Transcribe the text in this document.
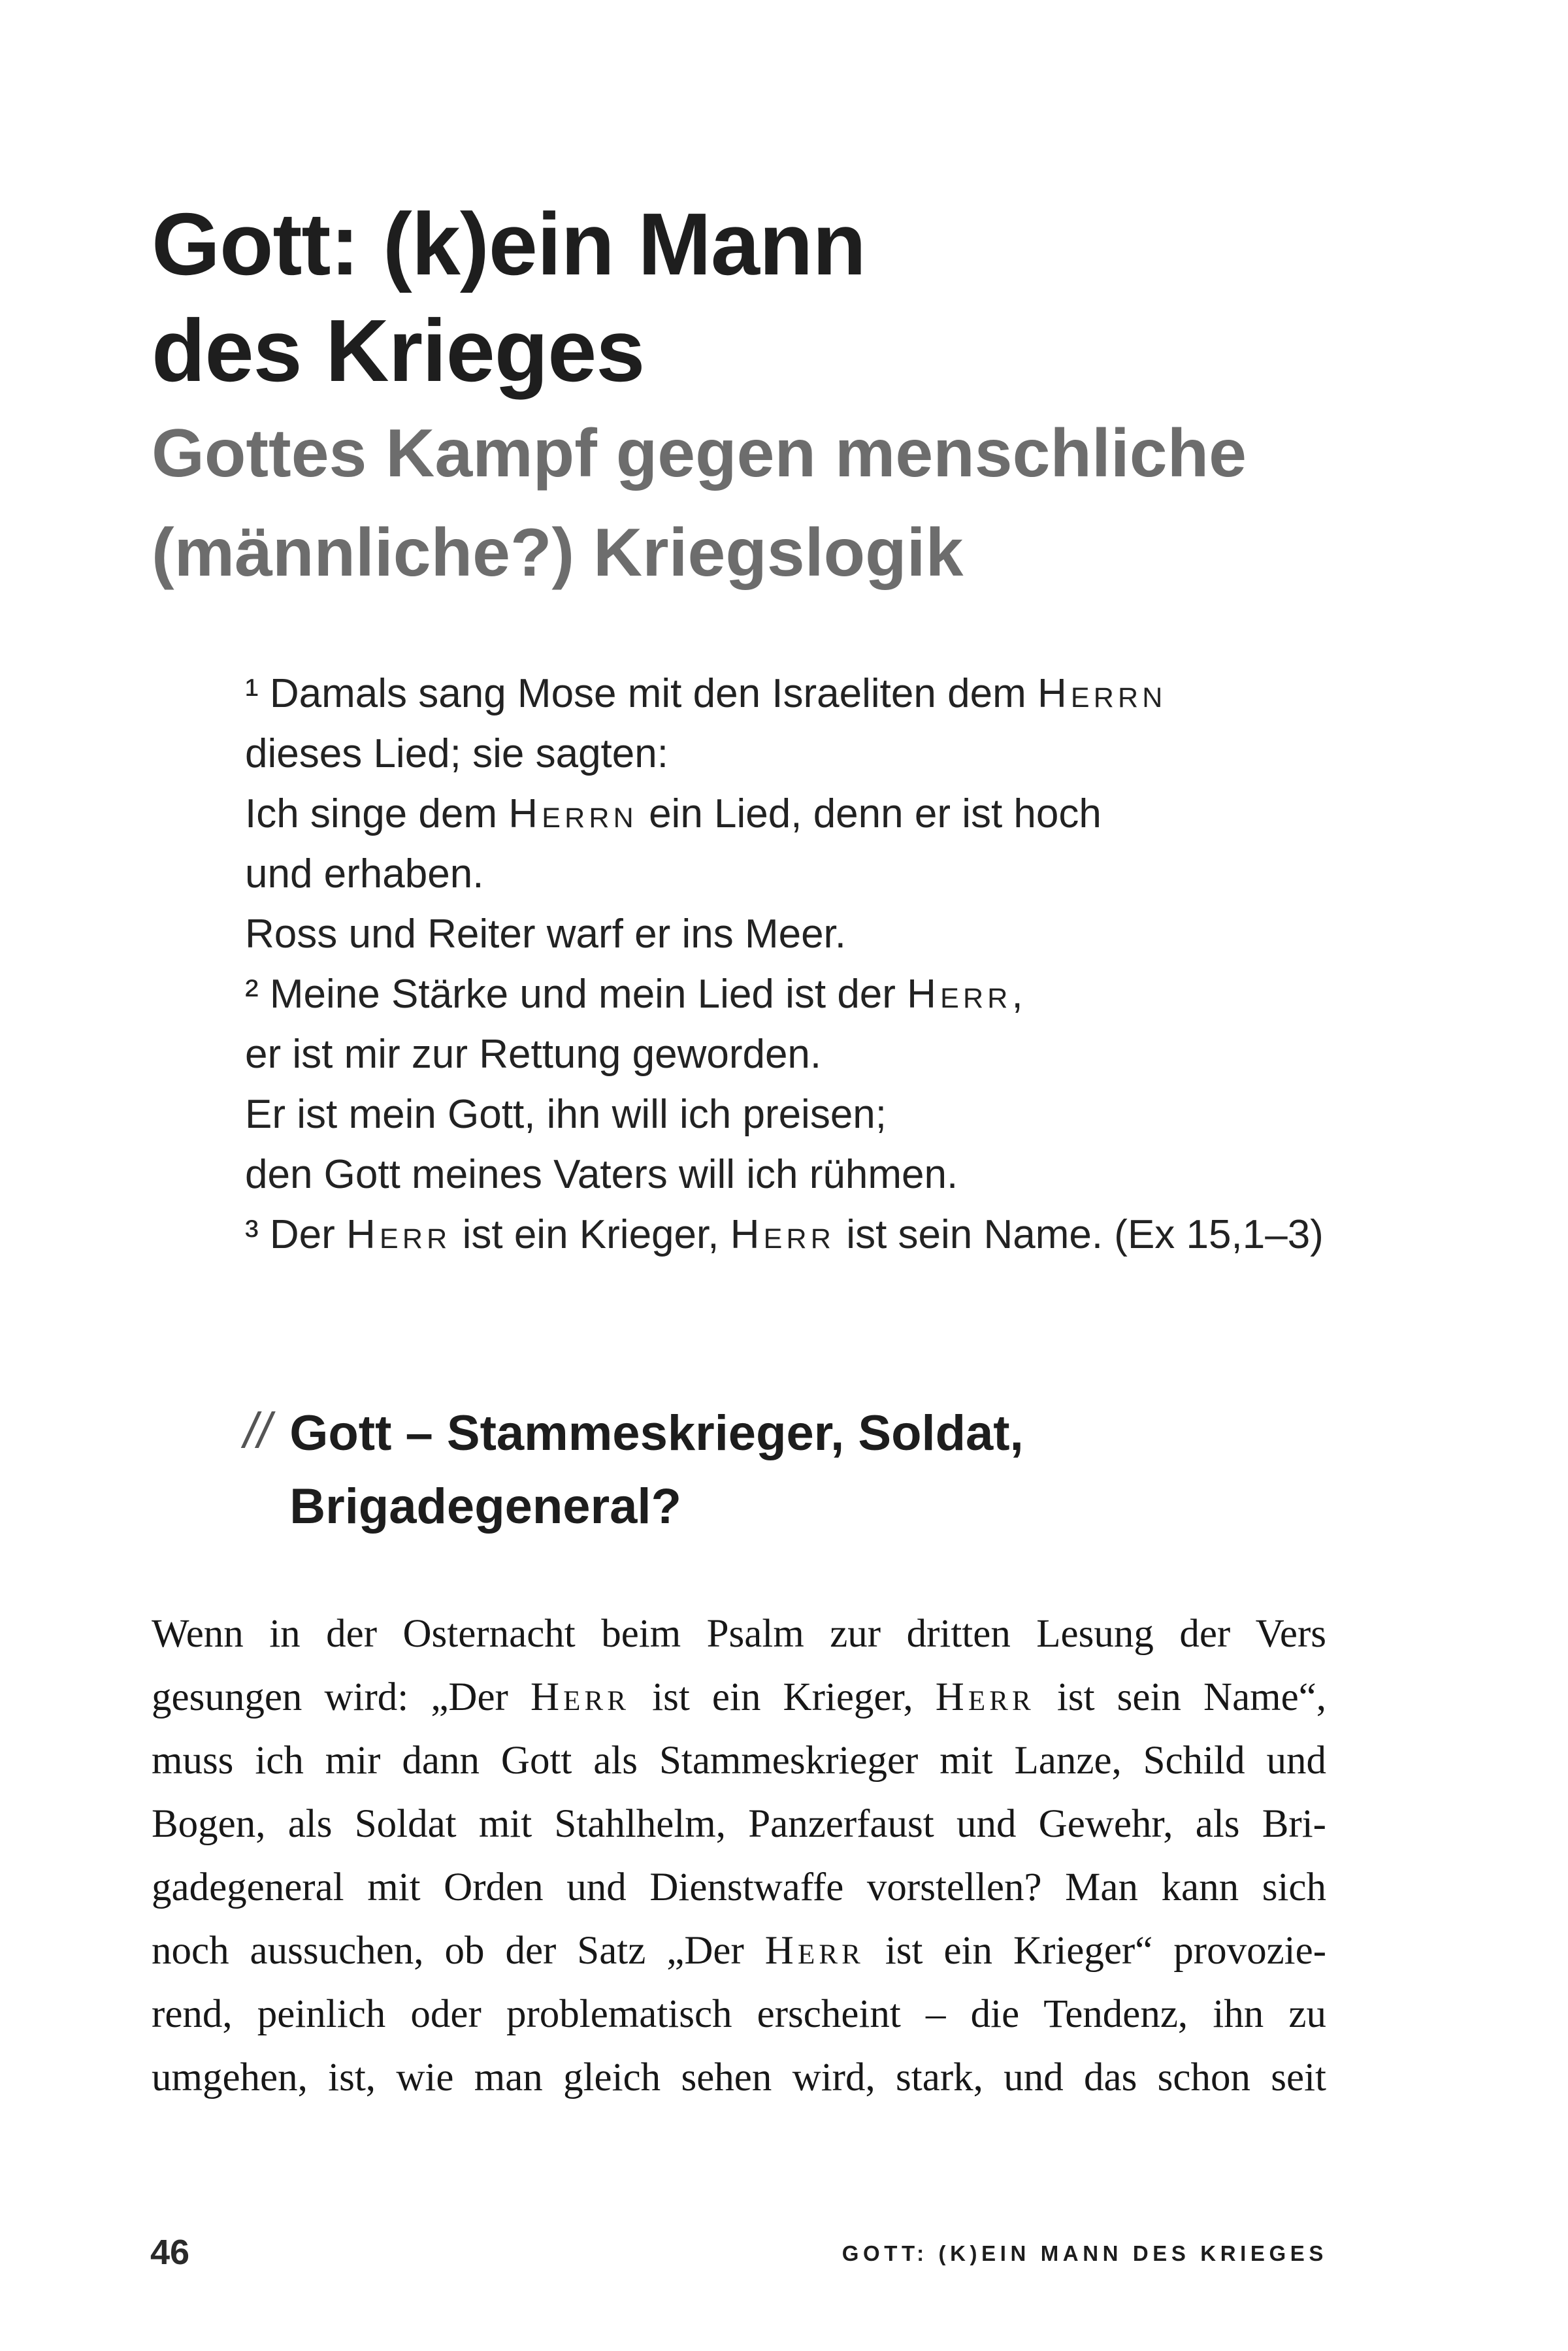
Gott: (k)ein Mann
des Krieges
Gottes Kampf gegen menschliche
(männliche?) Kriegslogik
¹ Damals sang Mose mit den Israeliten dem Herrn
dieses Lied; sie sagten:
Ich singe dem Herrn ein Lied, denn er ist hoch
und erhaben.
Ross und Reiter warf er ins Meer.
² Meine Stärke und mein Lied ist der Herr,
er ist mir zur Rettung geworden.
Er ist mein Gott, ihn will ich preisen;
den Gott meines Vaters will ich rühmen.
³ Der Herr ist ein Krieger, Herr ist sein Name. (Ex 15,1–3)
// Gott – Stammeskrieger, Soldat,
Brigadegeneral?
Wenn in der Osternacht beim Psalm zur dritten Lesung der Vers
gesungen wird: „Der Herr ist ein Krieger, Herr ist sein Name“,
muss ich mir dann Gott als Stammeskrieger mit Lanze, Schild und
Bogen, als Soldat mit Stahlhelm, Panzerfaust und Gewehr, als Bri-
gadegeneral mit Orden und Dienstwaffe vorstellen? Man kann sich
noch aussuchen, ob der Satz „Der Herr ist ein Krieger“ provozie-
rend, peinlich oder problematisch erscheint – die Tendenz, ihn zu
umgehen, ist, wie man gleich sehen wird, stark, und das schon seit
46	GOTT: (K)EIN MANN DES KRIEGES
